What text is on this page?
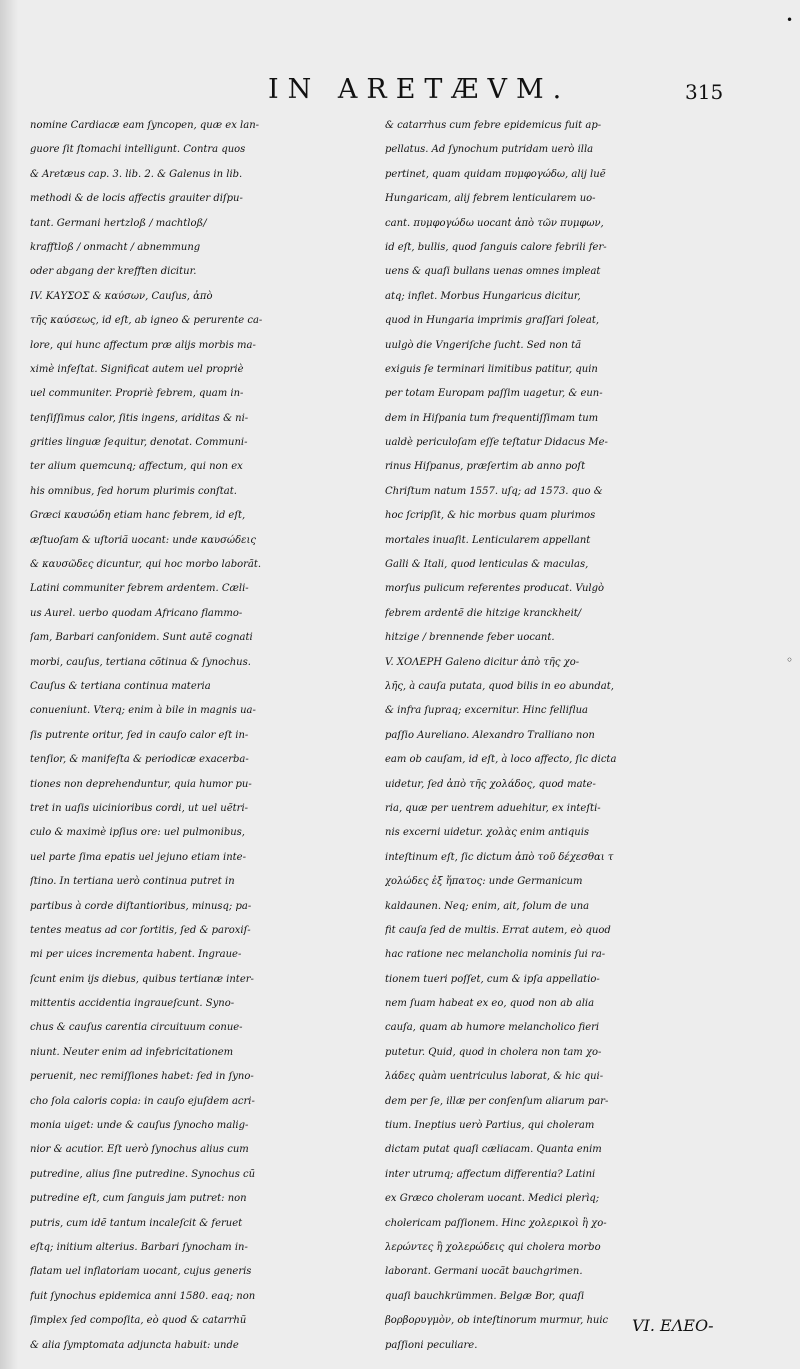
IN ARETÆVM.	315
nomine Cardiacæ eam ſyncopen, quæ ex lan-
guore ſit ſtomachi intelligunt. Contra quos
& Aretæus cap. 3. lib. 2. & Galenus in lib.
methodi & de locis affectis grauiter diſpu-
tant. Germani hertzloß / machtloß/
krafftloß / onmacht / abnemmung
oder abgang der krefften dicitur.
IV. ΚΑΥΣΟΣ & καύσων, Cauſus, ἀπὸ
τῆς καύσεως, id eſt, ab igneo & perurente ca-
lore, qui hunc affectum præ alijs morbis ma-
ximè infeſtat. Significat autem uel propriè
uel communiter. Propriè febrem, quam in-
tenſiſſimus calor, ſitis ingens, ariditas & ni-
grities linguæ ſequitur, denotat. Communi-
ter alium quemcunq; affectum, qui non ex
his omnibus, ſed horum plurimis conſtat.
Græci καυσώδη etiam hanc febrem, id eſt,
æſtuoſam & uſtoriã uocant: unde καυσώδεις
& καυσῶδες dicuntur, qui hoc morbo laborãt.
Latini communiter febrem ardentem. Cæli-
us Aurel. uerbo quodam Africano flammo-
ſam, Barbari canſonidem. Sunt autẽ cognati
morbi, cauſus, tertiana cõtinua & ſynochus.
Cauſus & tertiana continua materia
conueniunt. Vterq; enim à bile in magnis ua-
ſis putrente oritur, ſed in cauſo calor eſt in-
tenſior, & manifeſta & periodicæ exacerba-
tiones non deprehenduntur, quia humor pu-
tret in uaſis uicinioribus cordi, ut uel uẽtri-
culo & maximè ipſius ore: uel pulmonibus,
uel parte ſima epatis uel jejuno etiam inte-
ſtino. In tertiana uerò continua putret in
partibus à corde diſtantioribus, minusq; pa-
tentes meatus ad cor ſortitis, ſed & paroxiſ-
mi per uices incrementa habent. Ingraue-
ſcunt enim ijs diebus, quibus tertianæ inter-
mittentis accidentia ingraueſcunt. Syno-
chus & cauſus carentia circuituum conue-
niunt. Neuter enim ad infebricitationem
peruenit, nec remiſſiones habet: ſed in ſyno-
cho ſola caloris copia: in cauſo ejuſdem acri-
monia uiget: unde & cauſus ſynocho malig-
nior & acutior. Eſt uerò ſynochus alius cum
putredine, alius ſine putredine. Synochus cũ
putredine eſt, cum ſanguis jam putret: non
putris, cum idẽ tantum incaleſcit & feruet
eſtq; initium alterius. Barbari ſynocham in-
flatam uel inflatoriam uocant, cujus generis
fuit ſynochus epidemica anni 1580. eaq; non
ſimplex ſed compoſita, eò quod & catarrhũ
& alia ſymptomata adjuncta habuit: unde
& catarrhus cum febre epidemicus fuit ap-
pellatus. Ad ſynochum putridam uerò illa
pertinet, quam quidam πυμφογώδω, alij luẽ
Hungaricam, alij febrem lenticularem uo-
cant. πυμφογώδω uocant ἀπὸ τῶν πυμφων,
id eſt, bullis, quod ſanguis calore febrili fer-
uens & quaſi bullans uenas omnes impleat
atq; inflet. Morbus Hungaricus dicitur,
quod in Hungaria imprimis graſſari ſoleat,
uulgò die Vngeriſche ſucht. Sed non tã
exiguis ſe terminari limitibus patitur, quin
per totam Europam paſſim uagetur, & eun-
dem in Hiſpania tum frequentiſſimam tum
ualdè periculoſam eſſe teſtatur Didacus Me-
rinus Hiſpanus, præſertim ab anno poſt
Chriſtum natum 1557. uſq; ad 1573. quo &
hoc ſcripſit, & hic morbus quam plurimos
mortales inuaſit. Lenticularem appellant
Galli & Itali, quod lenticulas & maculas,
morſus pulicum referentes producat. Vulgò
febrem ardentẽ die hitzige kranckheit/
hitzige / brennende feber uocant.
V. ΧΟΛΕΡΗ Galeno dicitur ἀπὸ τῆς χο-
λῆς, à cauſa putata, quod bilis in eo abundat,
& infra ſupraq; excernitur. Hinc felliflua
paſſio Aureliano. Alexandro Tralliano non
eam ob cauſam, id eſt, à loco affecto, ſic dicta
uidetur, ſed ἀπὸ τῆς χολάδος, quod mate-
ria, quæ per uentrem aduehitur, ex inteſti-
nis excerni uidetur. χολὰς enim antiquis
inteſtinum eſt, ſic dictum ἀπὸ τοῦ δέχεσθαι τ
χολώδες ἐξ ἥπατος: unde Germanicum
kaldaunen. Neq; enim, ait, ſolum de una
fit cauſa ſed de multis. Errat autem, eò quod
hac ratione nec melancholia nominis ſui ra-
tionem tueri poſſet, cum & ipſa appellatio-
nem ſuam habeat ex eo, quod non ab alia
cauſa, quam ab humore melancholico fieri
putetur. Quid, quod in cholera non tam χο-
λάδες quàm uentriculus laborat, & hic qui-
dem per ſe, illæ per conſenſum aliarum par-
tium. Ineptius uerò Partius, qui choleram
dictam putat quaſi cæliacam. Quanta enim
inter utrumq; affectum differentia? Latini
ex Græco choleram uocant. Medici plerìq;
cholericam paſſionem. Hinc χολερικοὶ ἢ χο-
λερώντες ἢ χολερώδεις qui cholera morbo
laborant. Germani uocãt bauchgrimen.
quaſi bauchkrümmen. Belgæ Bor, quaſi
βορβορυγμὸν, ob inteſtinorum murmur, huic
paſſioni peculiare.
VI. ΕΛΕΟ-
•
◦
